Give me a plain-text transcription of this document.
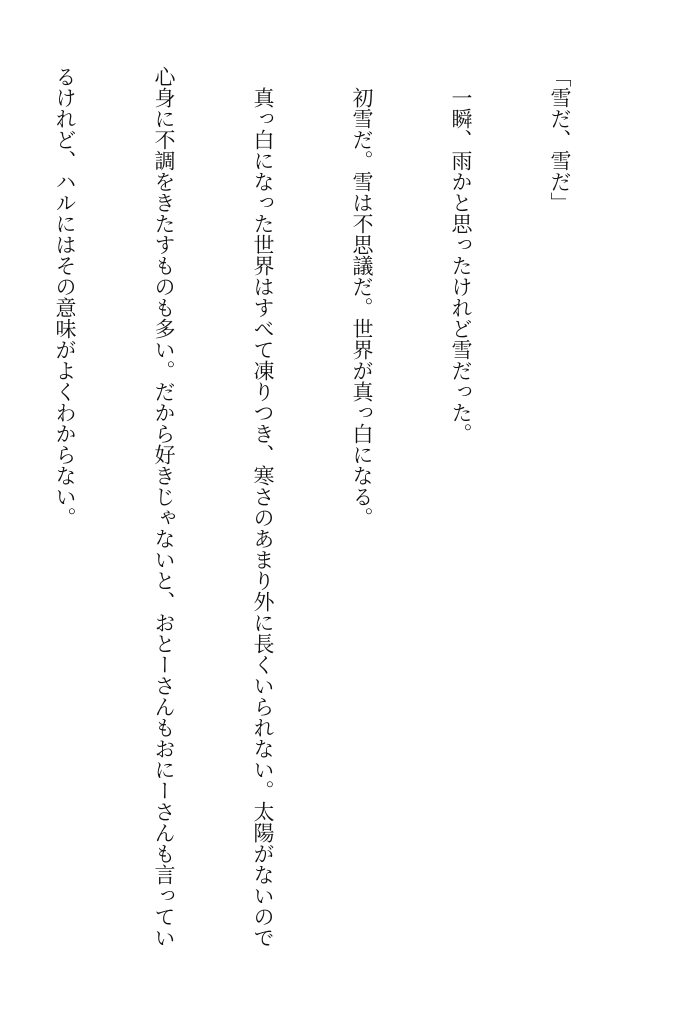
「雪だ、雪だ」

　一瞬、雨かと思ったけれど雪だった。

　初雪だ。雪は不思議だ。世界が真っ白になる。

　真っ白になった世界はすべて凍りつき、寒さのあまり外に長くいられない。太陽がないので

心身に不調をきたすものも多い。だから好きじゃないと、おとーさんもおにーさんも言ってい

るけれど、ハルにはその意味がよくわからない。
